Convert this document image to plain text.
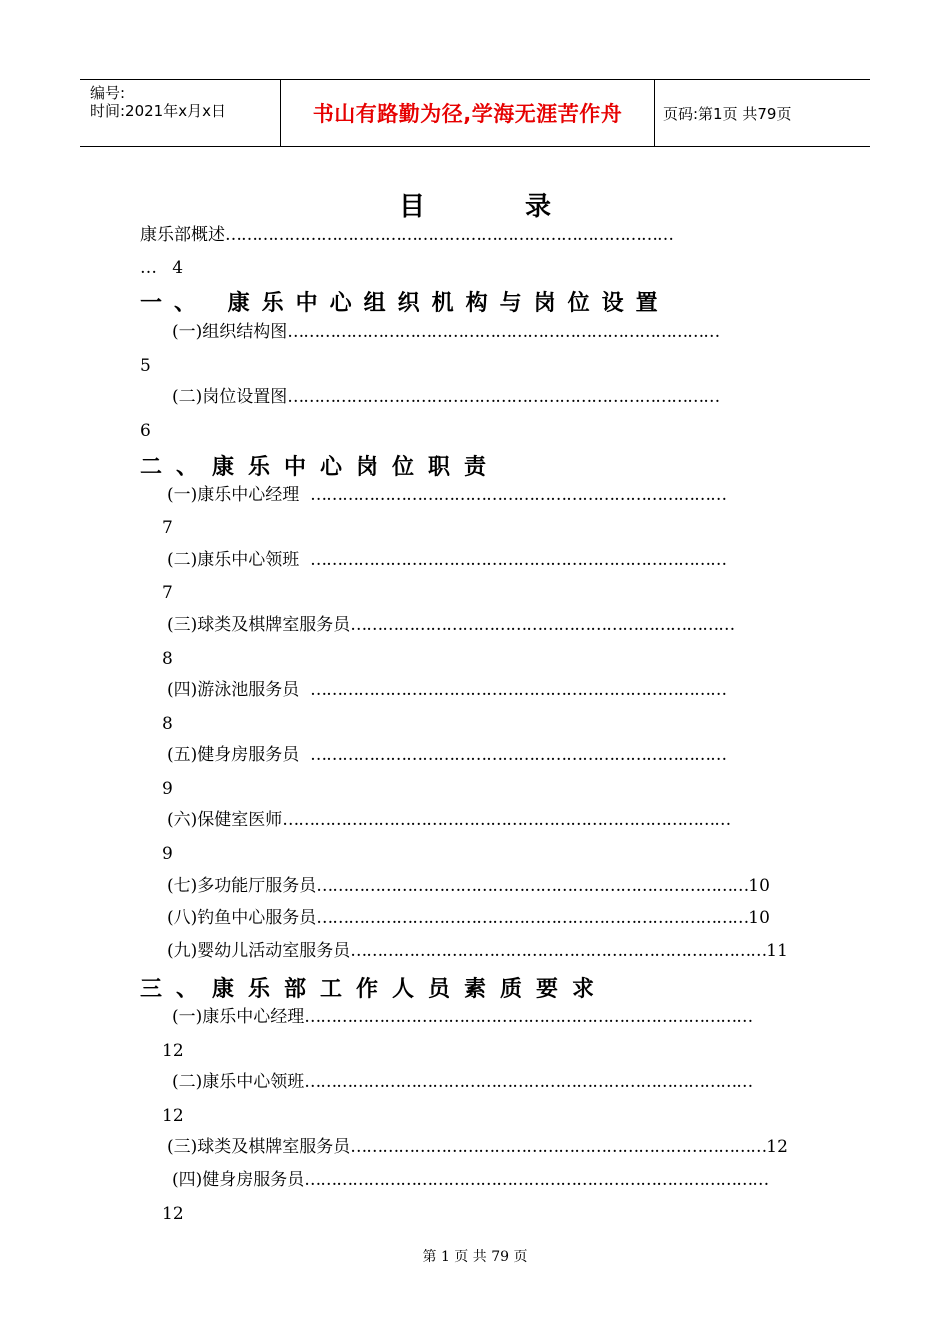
编号:
时间:2021年x月x日	书山有路勤为径,学海无涯苦作舟	页码:第1页 共79页
目	录
康乐部概述…………………………………………………………………………
… 4
一、 康乐中心组织机构与岗位设置
(一)组织结构图………………………………………………………………………
5
(二)岗位设置图………………………………………………………………………
6
二、康乐中心岗位职责
(一)康乐中心经理 ……………………………………………………………………
7
(二)康乐中心领班 ……………………………………………………………………
7
(三)球类及棋牌室服务员………………………………………………………………
8
(四)游泳池服务员 ……………………………………………………………………
8
(五)健身房服务员 ……………………………………………………………………
9
(六)保健室医师…………………………………………………………………………
9
(七)多功能厅服务员………………………………………………………………………10
(八)钓鱼中心服务员………………………………………………………………………10
(九)婴幼儿活动室服务员……………………………………………………………………11
三、康乐部工作人员素质要求
(一)康乐中心经理…………………………………………………………………………
12
(二)康乐中心领班…………………………………………………………………………
12
(三)球类及棋牌室服务员……………………………………………………………………12
(四)健身房服务员……………………………………………………………………………
12
第 1 页 共 79 页
